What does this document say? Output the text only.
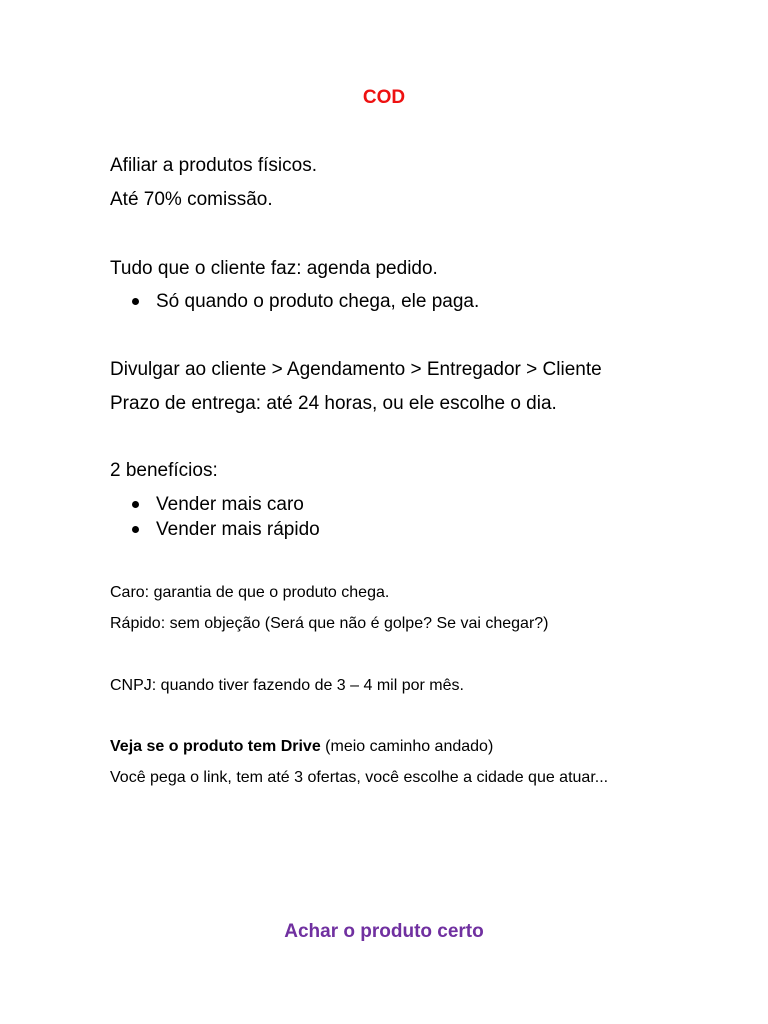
COD
Afiliar a produtos físicos.
Até 70% comissão.
Tudo que o cliente faz: agenda pedido.
Só quando o produto chega, ele paga.
Divulgar ao cliente > Agendamento > Entregador > Cliente
Prazo de entrega: até 24 horas, ou ele escolhe o dia.
2 benefícios:
Vender mais caro
Vender mais rápido
Caro: garantia de que o produto chega.
Rápido: sem objeção (Será que não é golpe? Se vai chegar?)
CNPJ: quando tiver fazendo de 3 – 4 mil por mês.
Veja se o produto tem Drive (meio caminho andado)
Você pega o link, tem até 3 ofertas, você escolhe a cidade que atuar...
Achar o produto certo
